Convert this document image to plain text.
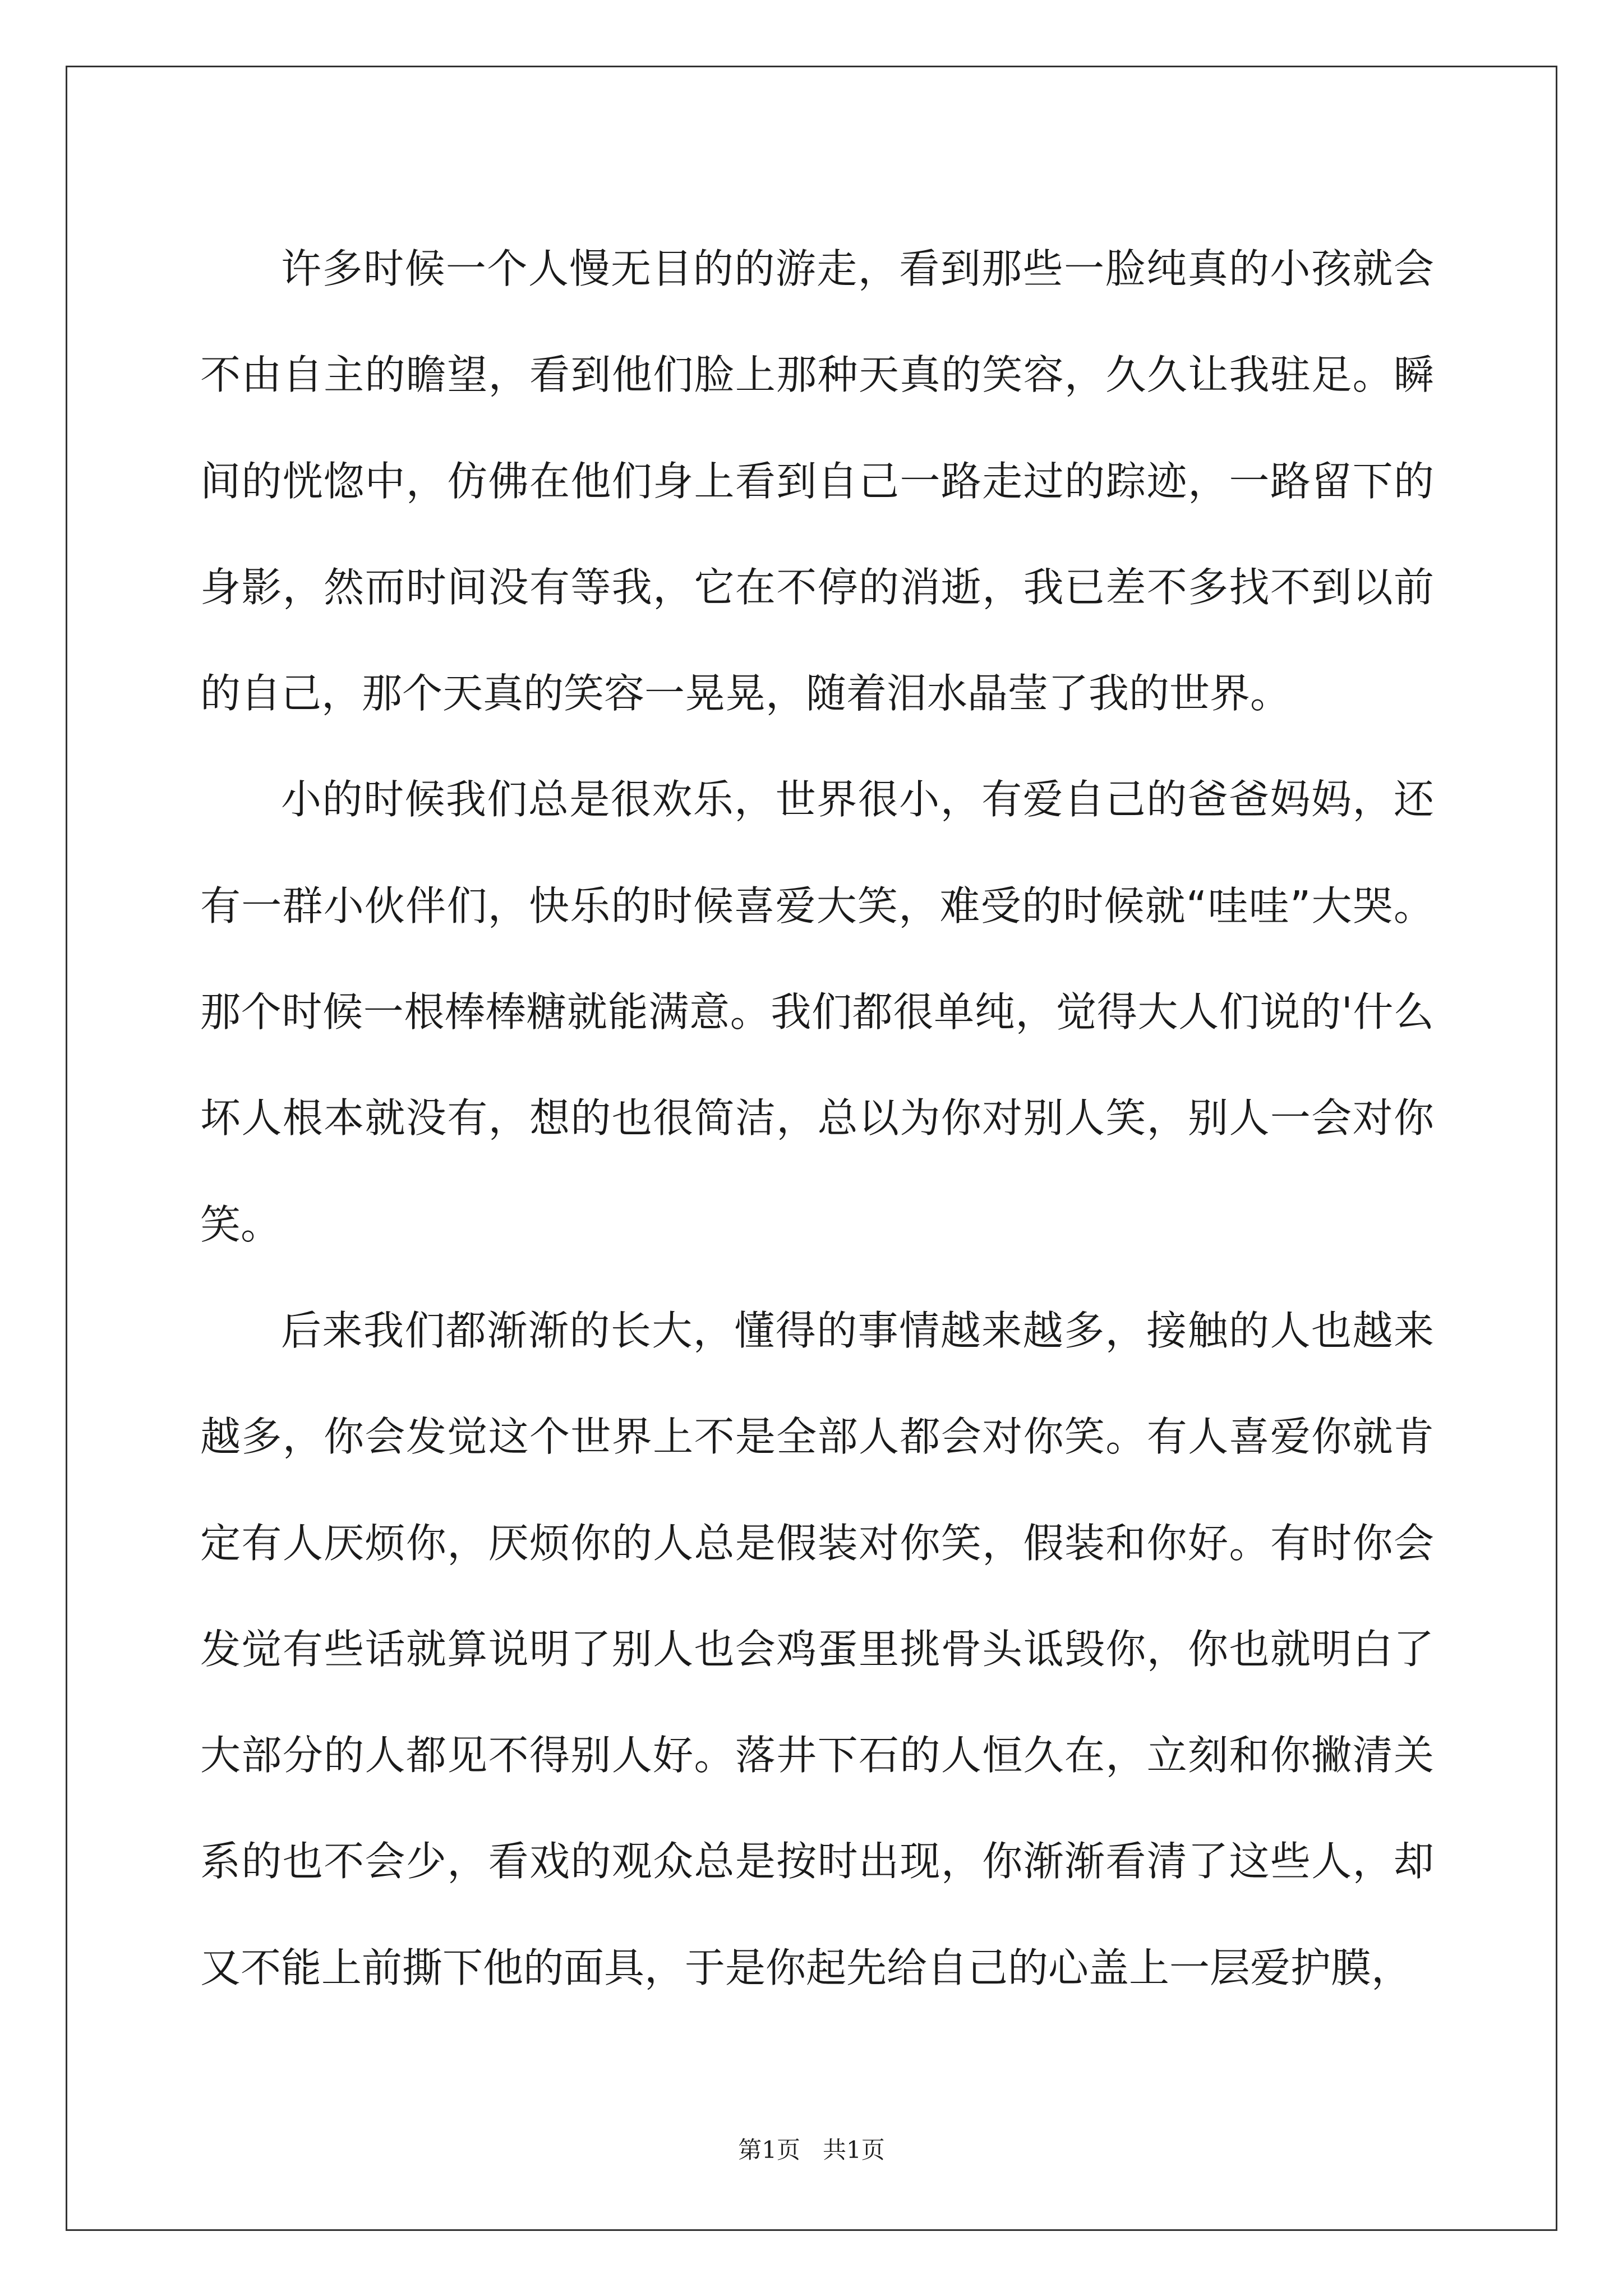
许多时候一个人慢无目的的游走，看到那些一脸纯真的小孩就会不由自主的瞻望，看到他们脸上那种天真的笑容，久久让我驻足。瞬间的恍惚中，仿佛在他们身上看到自己一路走过的踪迹，一路留下的身影，然而时间没有等我，它在不停的消逝，我已差不多找不到以前的自己，那个天真的笑容一晃晃，随着泪水晶莹了我的世界。

小的时候我们总是很欢乐，世界很小，有爱自己的爸爸妈妈，还有一群小伙伴们，快乐的时候喜爱大笑，难受的时候就“哇哇”大哭。那个时候一根棒棒糖就能满意。我们都很单纯，觉得大人们说的'什么坏人根本就没有，想的也很简洁，总以为你对别人笑，别人一会对你笑。

后来我们都渐渐的长大，懂得的事情越来越多，接触的人也越来越多，你会发觉这个世界上不是全部人都会对你笑。有人喜爱你就肯定有人厌烦你，厌烦你的人总是假装对你笑，假装和你好。有时你会发觉有些话就算说明了别人也会鸡蛋里挑骨头诋毁你，你也就明白了大部分的人都见不得别人好。落井下石的人恒久在，立刻和你撇清关系的也不会少，看戏的观众总是按时出现，你渐渐看清了这些人，却又不能上前撕下他的面具，于是你起先给自己的心盖上一层爱护膜，

第1页   共1页
